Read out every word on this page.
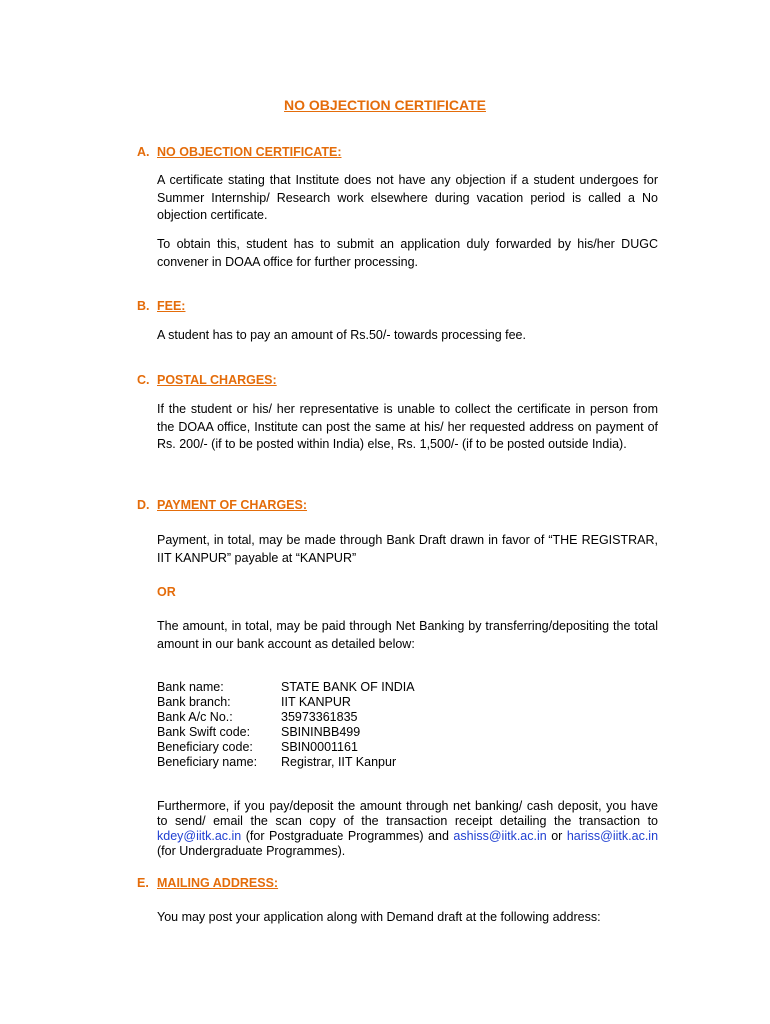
NO OBJECTION CERTIFICATE
A. NO OBJECTION CERTIFICATE:

A certificate stating that Institute does not have any objection if a student undergoes for Summer Internship/ Research work elsewhere during vacation period is called a No objection certificate.

To obtain this, student has to submit an application duly forwarded by his/her DUGC convener in DOAA office for further processing.

B. FEE:

A student has to pay an amount of Rs.50/- towards processing fee.

C. POSTAL CHARGES:

If the student or his/ her representative is unable to collect the certificate in person from the DOAA office, Institute can post the same at his/ her requested address on payment of Rs. 200/- (if to be posted within India) else, Rs. 1,500/- (if to be posted outside India).

D. PAYMENT OF CHARGES:

Payment, in total, may be made through Bank Draft drawn in favor of “THE REGISTRAR, IIT KANPUR” payable at “KANPUR”

OR

The amount, in total, may be paid through Net Banking by transferring/depositing the total amount in our bank account as detailed below:

Bank name:	STATE BANK OF INDIA
Bank branch:	IIT KANPUR
Bank A/c No.:	35973361835
Bank Swift code:	SBININBB499
Beneficiary code:	SBIN0001161
Beneficiary name:	Registrar, IIT Kanpur

Furthermore, if you pay/deposit the amount through net banking/ cash deposit, you have to send/ email the scan copy of the transaction receipt detailing the transaction to kdey@iitk.ac.in (for Postgraduate Programmes) and ashiss@iitk.ac.in or hariss@iitk.ac.in (for Undergraduate Programmes).

E. MAILING ADDRESS:

You may post your application along with Demand draft at the following address:
